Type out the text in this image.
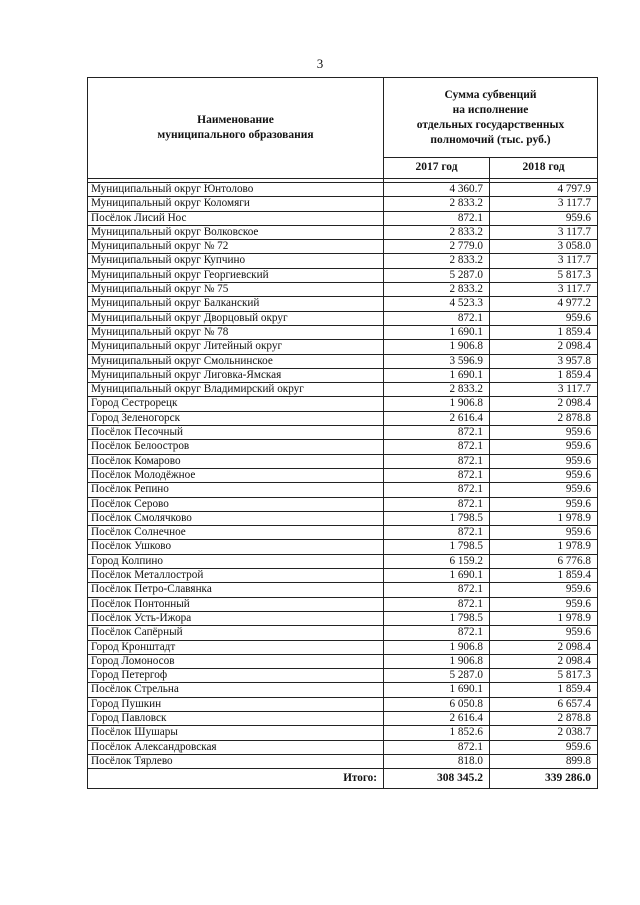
3
Наименование
муниципального образования	Сумма субвенций
на исполнение
отдельных государственных
полномочий (тыс. руб.)	
	2017 год	2018 год

Муниципальный округ Юнтолово	4 360.7	4 797.9
Муниципальный округ Коломяги	2 833.2	3 117.7
Посёлок Лисий Нос	872.1	959.6
Муниципальный округ Волковское	2 833.2	3 117.7
Муниципальный округ № 72	2 779.0	3 058.0
Муниципальный округ Купчино	2 833.2	3 117.7
Муниципальный округ Георгиевский	5 287.0	5 817.3
Муниципальный округ № 75	2 833.2	3 117.7
Муниципальный округ Балканский	4 523.3	4 977.2
Муниципальный округ Дворцовый округ	872.1	959.6
Муниципальный округ № 78	1 690.1	1 859.4
Муниципальный округ Литейный округ	1 906.8	2 098.4
Муниципальный округ Смольнинское	3 596.9	3 957.8
Муниципальный округ Лиговка-Ямская	1 690.1	1 859.4
Муниципальный округ Владимирский округ	2 833.2	3 117.7
Город Сестрорецк	1 906.8	2 098.4
Город Зеленогорск	2 616.4	2 878.8
Посёлок Песочный	872.1	959.6
Посёлок Белоостров	872.1	959.6
Посёлок Комарово	872.1	959.6
Посёлок Молодёжное	872.1	959.6
Посёлок Репино	872.1	959.6
Посёлок Серово	872.1	959.6
Посёлок Смолячково	1 798.5	1 978.9
Посёлок Солнечное	872.1	959.6
Посёлок Ушково	1 798.5	1 978.9
Город Колпино	6 159.2	6 776.8
Посёлок Металлострой	1 690.1	1 859.4
Посёлок Петро-Славянка	872.1	959.6
Посёлок Понтонный	872.1	959.6
Посёлок Усть-Ижора	1 798.5	1 978.9
Посёлок Сапёрный	872.1	959.6
Город Кронштадт	1 906.8	2 098.4
Город Ломоносов	1 906.8	2 098.4
Город Петергоф	5 287.0	5 817.3
Посёлок Стрельна	1 690.1	1 859.4
Город Пушкин	6 050.8	6 657.4
Город Павловск	2 616.4	2 878.8
Посёлок Шушары	1 852.6	2 038.7
Посёлок Александровская	872.1	959.6
Посёлок Тярлево	818.0	899.8
Итого:	308 345.2	339 286.0
